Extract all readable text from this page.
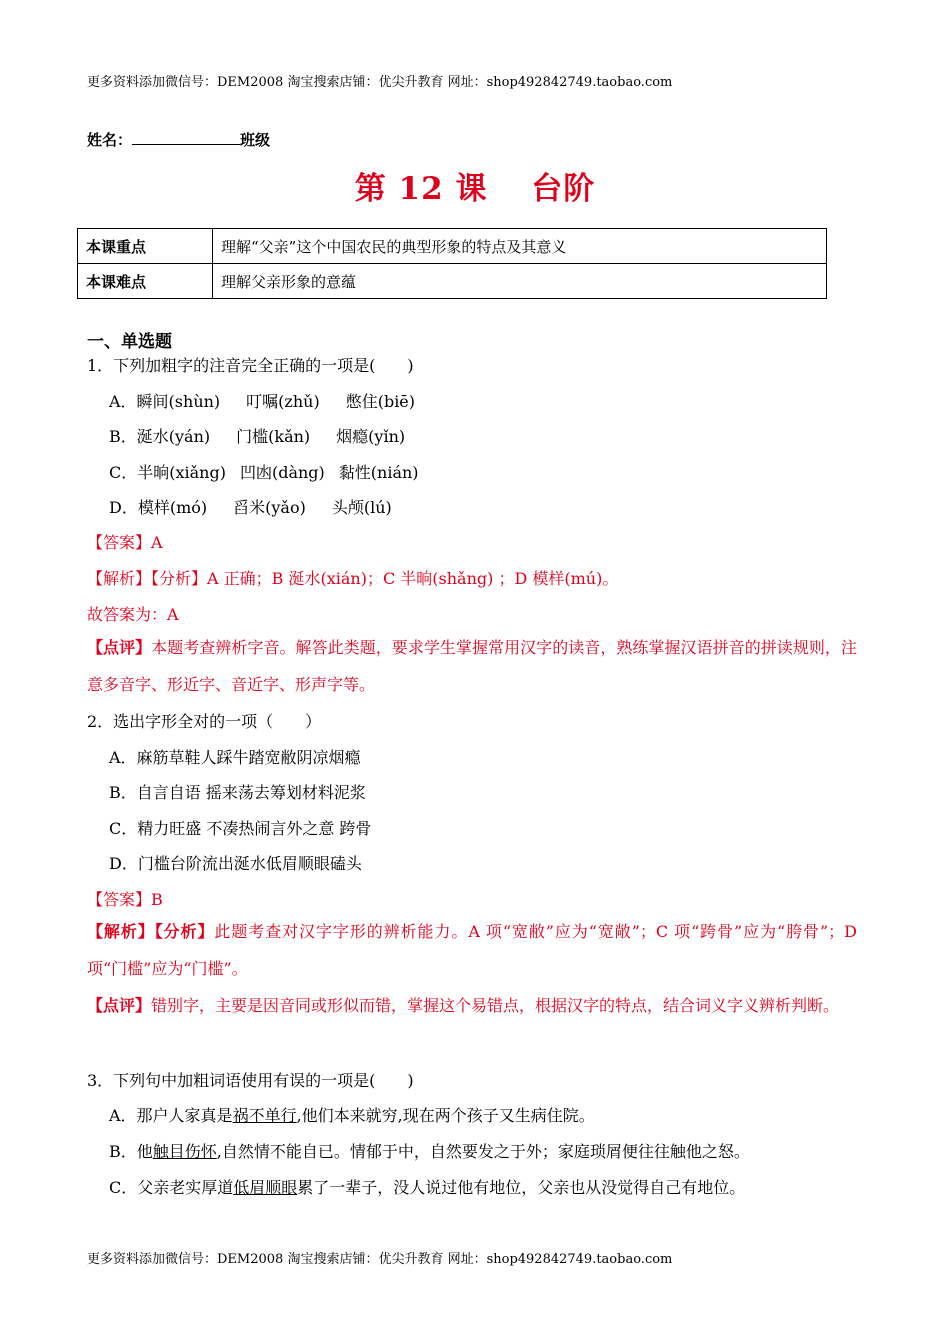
更多资料添加微信号：DEM2008 淘宝搜索店铺：优尖升教育 网址：shop492842749.taobao.com
姓名：	班级
第 12 课　 台阶
本课重点	理解“父亲”这个中国农民的典型形象的特点及其意义
本课难点	理解父亲形象的意蕴
一、单选题
1．下列加粗字的注音完全正确的一项是(　　)
A．瞬间(shùn) 叮嘱(zhǔ) 憋住(biē)
B．涎水(yán) 门槛(kǎn) 烟瘾(yǐn)
C．半晌(xiǎng) 凹凼(dàng) 黏性(nián)
D．模样(mó) 舀米(yǎo) 头颅(lú)
【答案】A
【解析】【分析】A 正确；B 涎水(xián)；C 半晌(shǎng) ；D 模样(mú)。
故答案为：A
【点评】本题考查辨析字音。解答此类题，要求学生掌握常用汉字的读音，熟练掌握汉语拼音的拼读规则，注意多音字、形近字、音近字、形声字等。
2．选出字形全对的一项（　　）
A．麻筋草鞋人踩牛踏宽敝阴凉烟瘾
B．自言自语 摇来荡去筹划材料泥浆
C．精力旺盛 不凑热闹言外之意 跨骨
D．门槛台阶流出涎水低眉顺眼磕头
【答案】B
【解析】【分析】此题考查对汉字字形的辨析能力。A 项“宽敝”应为“宽敞”；C 项“跨骨”应为“胯骨”；D 项“门槛”应为“门槛”。
【点评】错别字，主要是因音同或形似而错，掌握这个易错点，根据汉字的特点，结合词义字义辨析判断。
3．下列句中加粗词语使用有误的一项是(　　)
A．那户人家真是祸不单行,他们本来就穷,现在两个孩子又生病住院。
B．他触目伤怀,自然情不能自已。情郁于中，自然要发之于外；家庭琐屑便往往触他之怒。
C．父亲老实厚道低眉顺眼累了一辈子，没人说过他有地位，父亲也从没觉得自己有地位。
更多资料添加微信号：DEM2008 淘宝搜索店铺：优尖升教育 网址：shop492842749.taobao.com
